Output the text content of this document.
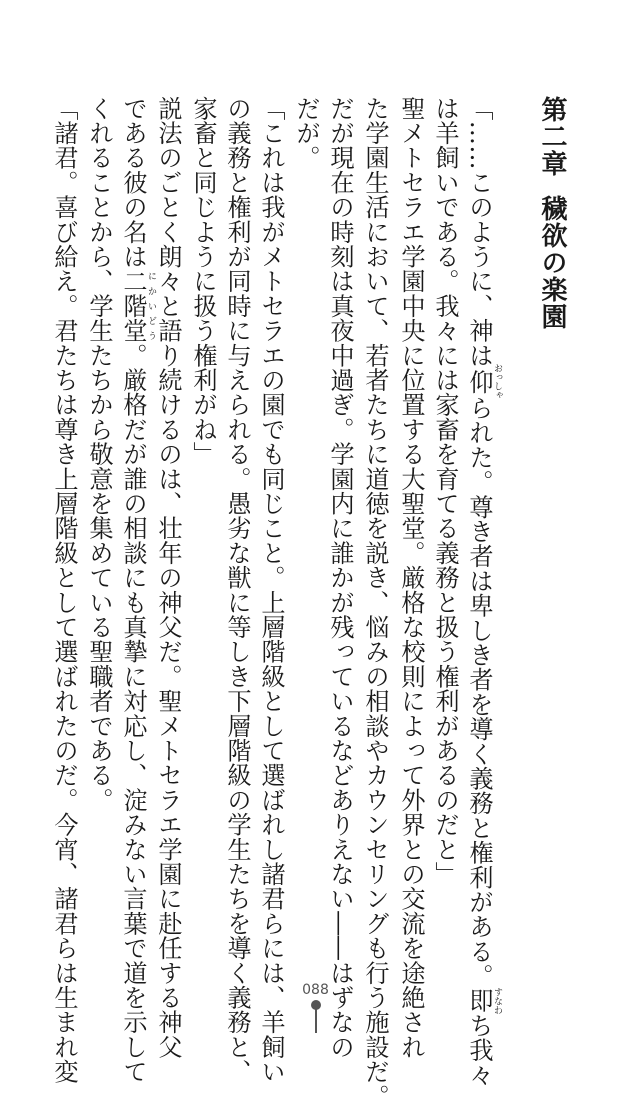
第二章穢欲の楽園
「……このように、神は仰 おっしゃられた。尊き者は卑しき者を導く義務と権利がある。即 すなわち我々
は羊飼いである。我々には家畜を育てる義務と扱う権利があるのだと」
聖メトセラエ学園中央に位置する大聖堂。厳格な校則によって外界との交流を途絶され
た学園生活において、若者たちに道徳を説き、悩みの相談やカウンセリングも行う施設だ。
だが現在の時刻は真夜中過ぎ。学園内に誰かが残っているなどありえない――はずなの
だが。
「これは我がメトセラエの園でも同じこと。上層階級として選ばれし諸君らには、羊飼い
の義務と権利が同時に与えられる。愚劣な獣に等しき下層階級の学生たちを導く義務と、
家畜と同じように扱う権利がね」
説法のごとく朗々と語り続けるのは、壮年の神父だ。聖メトセラエ学園に赴任する神父
である彼の名は二階堂 にかいどう。厳格だが誰の相談にも真摯に対応し、淀みない言葉で道を示して
くれることから、学生たちから敬意を集めている聖職者である。
「諸君。喜び給え。君たちは尊き上層階級として選ばれたのだ。今宵、諸君らは生まれ変	088
